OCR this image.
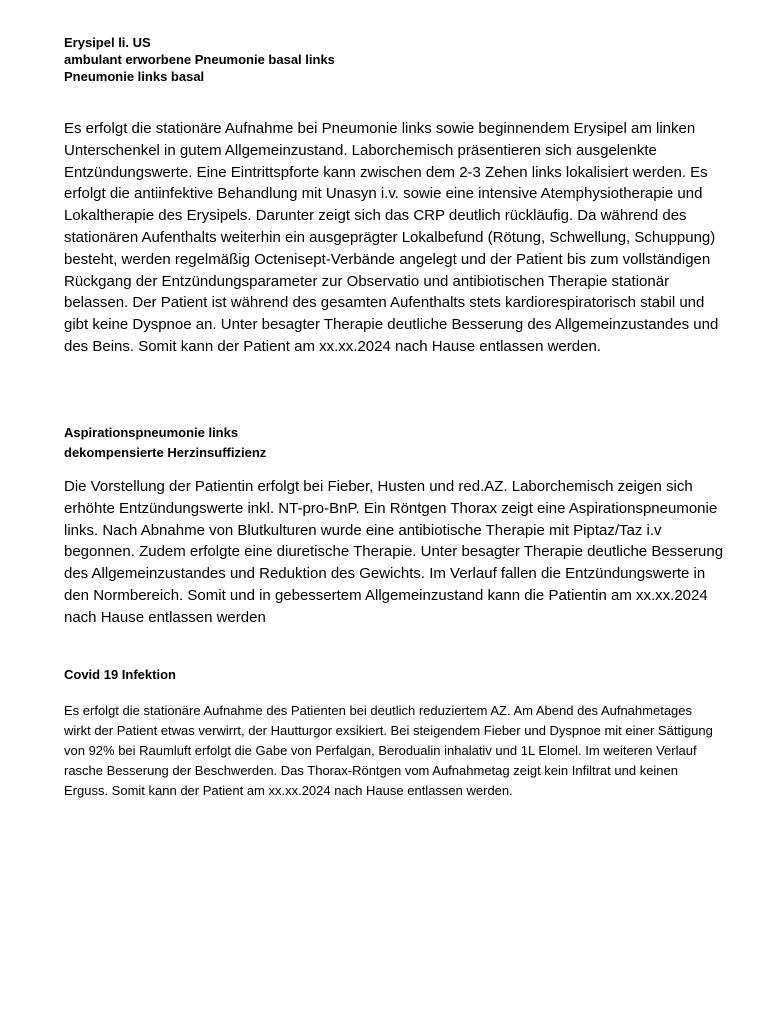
Erysipel li. US
ambulant erworbene Pneumonie basal links
Pneumonie links basal

Es erfolgt die stationäre Aufnahme bei Pneumonie links sowie beginnendem Erysipel am linken Unterschenkel in gutem Allgemeinzustand. Laborchemisch präsentieren sich ausgelenkte Entzündungswerte. Eine Eintrittspforte kann zwischen dem 2-3 Zehen links lokalisiert werden. Es erfolgt die antiinfektive Behandlung mit Unasyn i.v. sowie eine intensive Atemphysiotherapie und Lokaltherapie des Erysipels. Darunter zeigt sich das CRP deutlich rückläufig. Da während des stationären Aufenthalts weiterhin ein ausgeprägter Lokalbefund (Rötung, Schwellung, Schuppung) besteht, werden regelmäßig Octenisept-Verbände angelegt und der Patient bis zum vollständigen Rückgang der Entzündungsparameter zur Observatio und antibiotischen Therapie stationär belassen. Der Patient ist während des gesamten Aufenthalts stets kardiorespiratorisch stabil und gibt keine Dyspnoe an. Unter besagter Therapie deutliche Besserung des Allgemeinzustandes und des Beins. Somit kann der Patient am xx.xx.2024 nach Hause entlassen werden.

Aspirationspneumonie links
dekompensierte Herzinsuffizienz

Die Vorstellung der Patientin erfolgt bei Fieber, Husten und red.AZ. Laborchemisch zeigen sich erhöhte Entzündungswerte inkl. NT-pro-BnP. Ein Röntgen Thorax zeigt eine Aspirationspneumonie links. Nach Abnahme von Blutkulturen wurde eine antibiotische Therapie mit Piptaz/Taz i.v begonnen. Zudem erfolgte eine diuretische Therapie. Unter besagter Therapie deutliche Besserung des Allgemeinzustandes und Reduktion des Gewichts. Im Verlauf fallen die Entzündungswerte in den Normbereich. Somit und in gebessertem Allgemeinzustand kann die Patientin am xx.xx.2024 nach Hause entlassen werden

Covid 19 Infektion

Es erfolgt die stationäre Aufnahme des Patienten bei deutlich reduziertem AZ. Am Abend des Aufnahmetages wirkt der Patient etwas verwirrt, der Hautturgor exsikiert. Bei steigendem Fieber und Dyspnoe mit einer Sättigung von 92% bei Raumluft erfolgt die Gabe von Perfalgan, Berodualin inhalativ und 1L Elomel. Im weiteren Verlauf rasche Besserung der Beschwerden. Das Thorax-Röntgen vom Aufnahmetag zeigt kein Infiltrat und keinen Erguss. Somit kann der Patient am xx.xx.2024 nach Hause entlassen werden.
